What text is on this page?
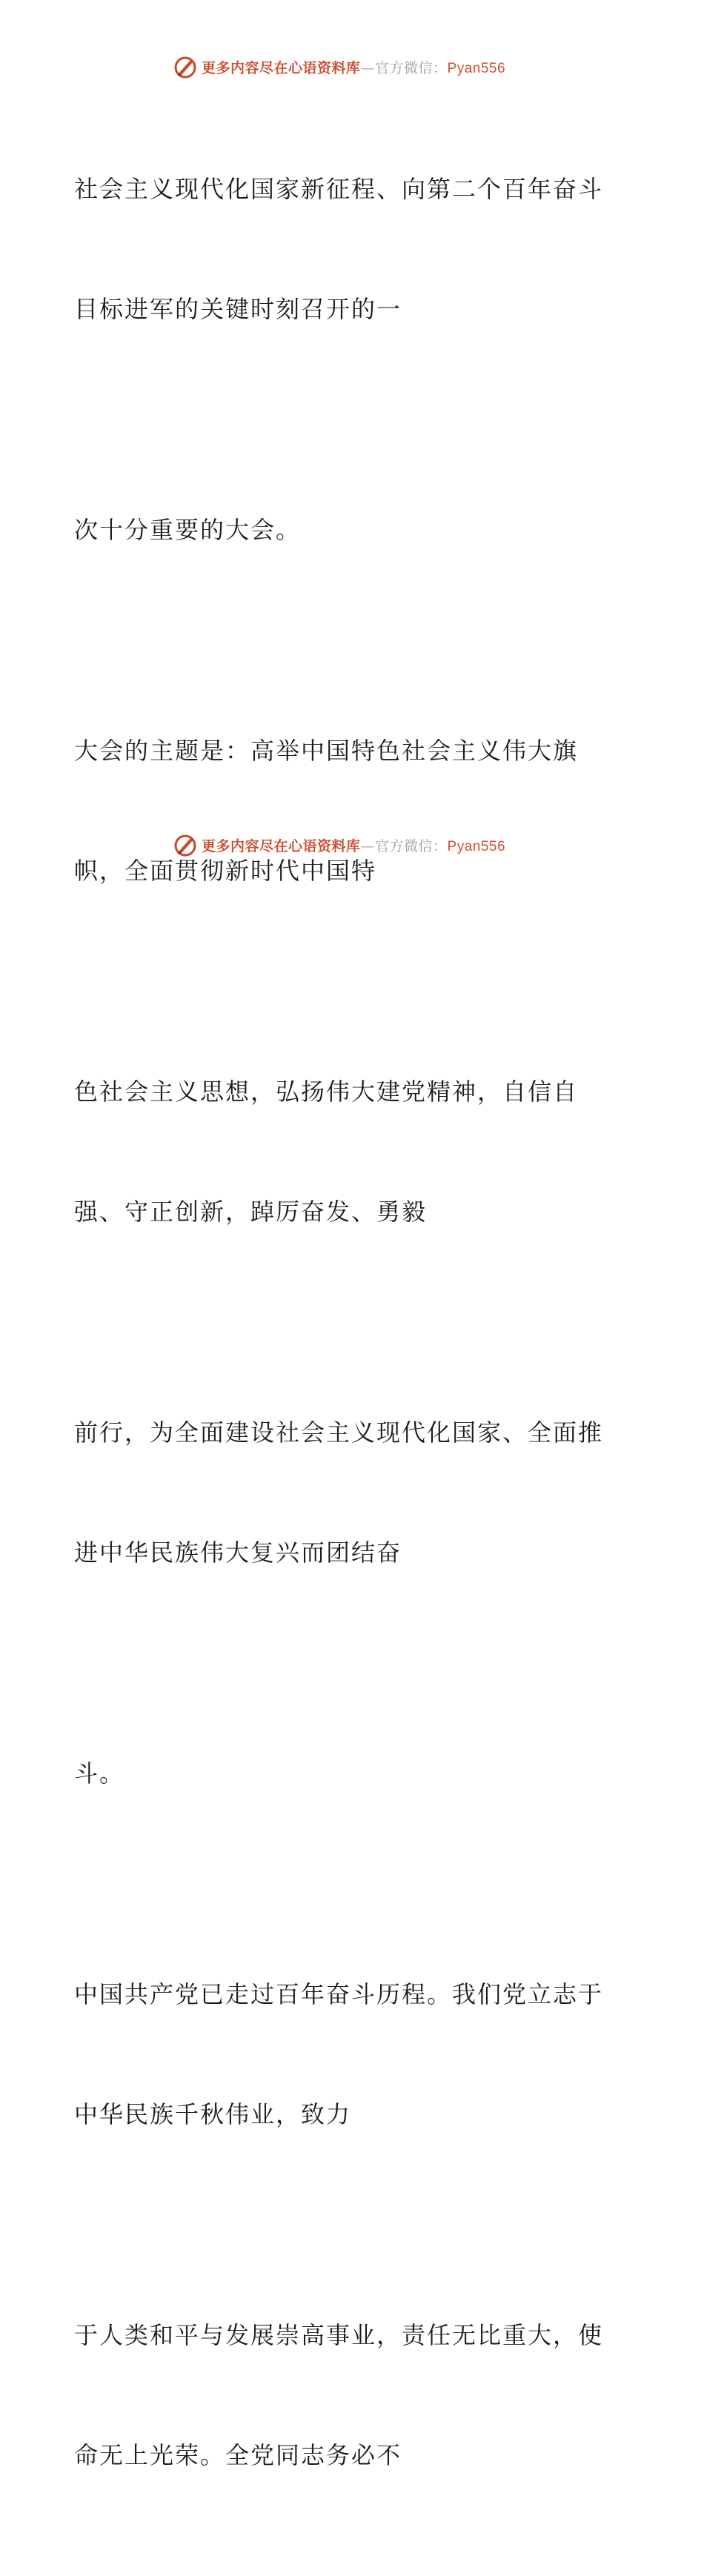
更多内容尽在心语资料库—官方微信：Pyan556

社会主义现代化国家新征程、向第二个百年奋斗

目标进军的关键时刻召开的一

次十分重要的大会。

大会的主题是：高举中国特色社会主义伟大旗

帜，全面贯彻新时代中国特

色社会主义思想，弘扬伟大建党精神，自信自

强、守正创新，踔厉奋发、勇毅

前行，为全面建设社会主义现代化国家、全面推

进中华民族伟大复兴而团结奋

斗。

中国共产党已走过百年奋斗历程。我们党立志于

中华民族千秋伟业，致力

于人类和平与发展崇高事业，责任无比重大，使

命无上光荣。全党同志务必不

更多内容尽在心语资料库—官方微信：Pyan556
